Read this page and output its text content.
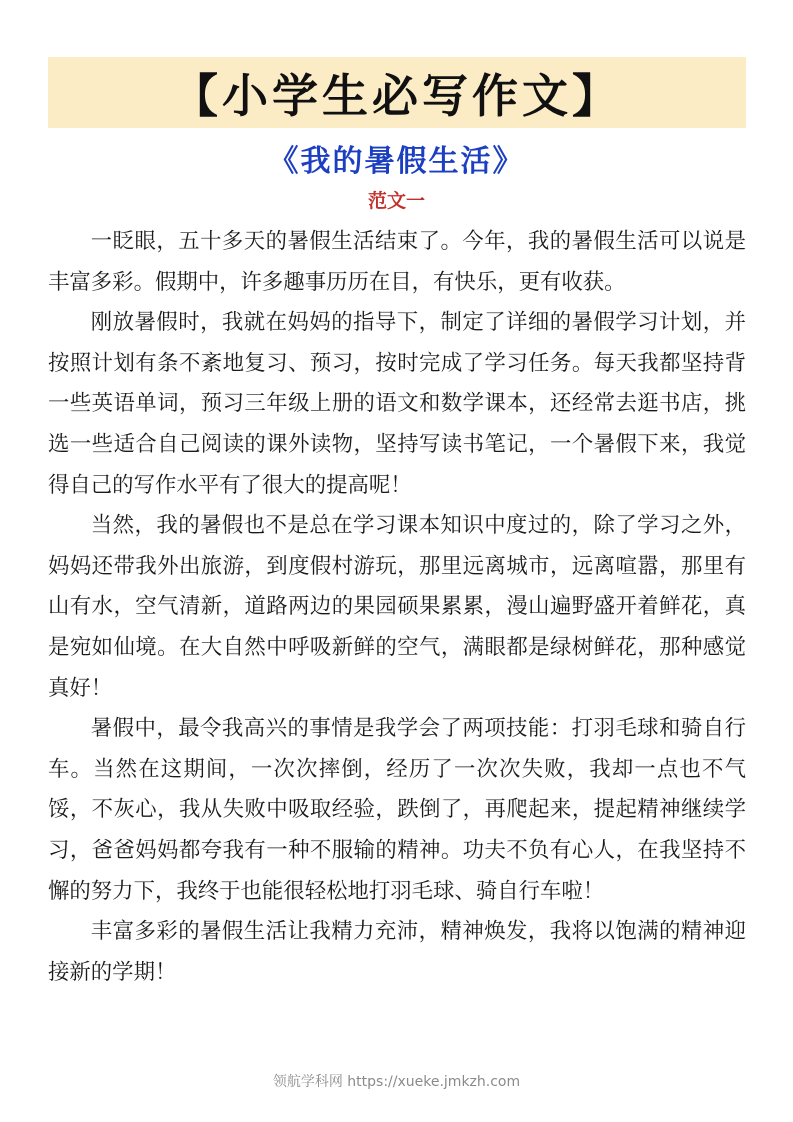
【小学生必写作文】
《我的暑假生活》
范文一

一眨眼，五十多天的暑假生活结束了。今年，我的暑假生活可以说是丰富多彩。假期中，许多趣事历历在目，有快乐，更有收获。

刚放暑假时，我就在妈妈的指导下，制定了详细的暑假学习计划，并按照计划有条不紊地复习、预习，按时完成了学习任务。每天我都坚持背一些英语单词，预习三年级上册的语文和数学课本，还经常去逛书店，挑选一些适合自己阅读的课外读物，坚持写读书笔记，一个暑假下来，我觉得自己的写作水平有了很大的提高呢！

当然，我的暑假也不是总在学习课本知识中度过的，除了学习之外，妈妈还带我外出旅游，到度假村游玩，那里远离城市，远离喧嚣，那里有山有水，空气清新，道路两边的果园硕果累累，漫山遍野盛开着鲜花，真是宛如仙境。在大自然中呼吸新鲜的空气，满眼都是绿树鲜花，那种感觉真好！

暑假中，最令我高兴的事情是我学会了两项技能：打羽毛球和骑自行车。当然在这期间，一次次摔倒，经历了一次次失败，我却一点也不气馁，不灰心，我从失败中吸取经验，跌倒了，再爬起来，提起精神继续学习，爸爸妈妈都夸我有一种不服输的精神。功夫不负有心人，在我坚持不懈的努力下，我终于也能很轻松地打羽毛球、骑自行车啦！

丰富多彩的暑假生活让我精力充沛，精神焕发，我将以饱满的精神迎接新的学期！

领航学科网 https://xueke.jmkzh.com
